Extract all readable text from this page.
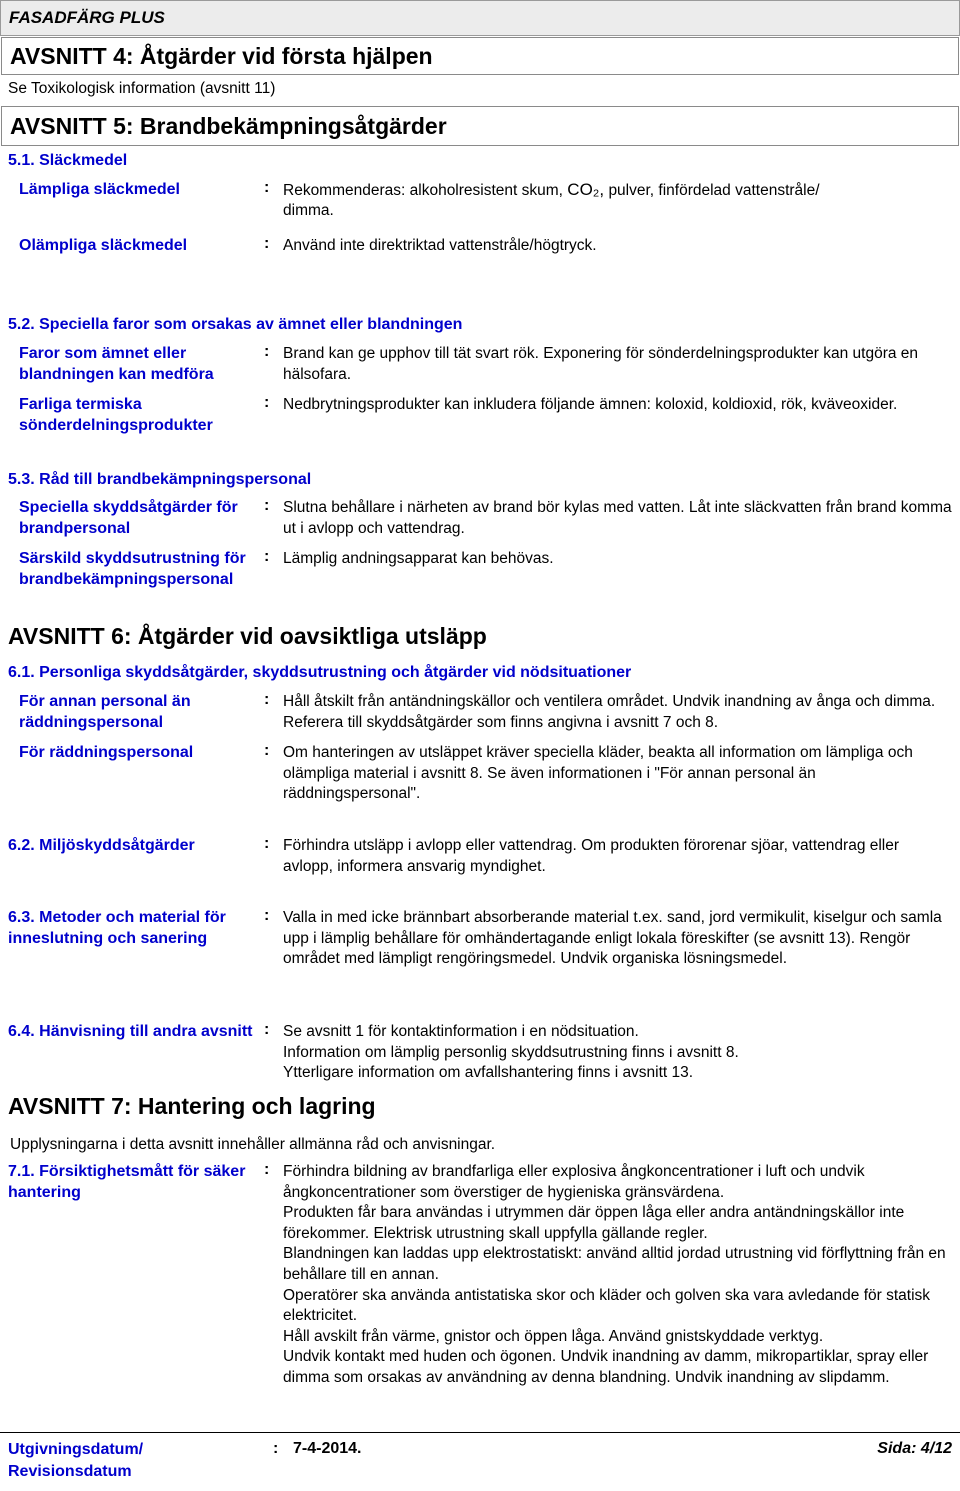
FASADFÄRG PLUS
AVSNITT 4: Åtgärder vid första hjälpen
Se Toxikologisk information (avsnitt 11)
AVSNITT 5: Brandbekämpningsåtgärder
5.1. Släckmedel
Lämpliga släckmedel	: Rekommenderas: alkoholresistent skum, CO₂, pulver, finfördelad vattenstråle/
dimma.
Olämpliga släckmedel	: Använd inte direktriktad vattenstråle/högtryck.
5.2. Speciella faror som orsakas av ämnet eller blandningen
Faror som ämnet eller blandningen kan medföra
: Brand kan ge upphov till tät svart rök. Exponering för sönderdelningsprodukter kan utgöra en hälsofara.
Farliga termiska sönderdelningsprodukter
: Nedbrytningsprodukter kan inkludera följande ämnen: koloxid, koldioxid, rök, kväveoxider.
5.3. Råd till brandbekämpningspersonal
Speciella skyddsåtgärder för brandpersonal
: Slutna behållare i närheten av brand bör kylas med vatten. Låt inte släckvatten från brand komma ut i avlopp och vattendrag.
Särskild skyddsutrustning för brandbekämpningspersonal
: Lämplig andningsapparat kan behövas.
AVSNITT 6: Åtgärder vid oavsiktliga utsläpp
6.1. Personliga skyddsåtgärder, skyddsutrustning och åtgärder vid nödsituationer
För annan personal än räddningspersonal
: Håll åtskilt från antändningskällor och ventilera området. Undvik inandning av ånga och dimma. Referera till skyddsåtgärder som finns angivna i avsnitt 7 och 8.
För räddningspersonal	: Om hanteringen av utsläppet kräver speciella kläder, beakta all information om lämpliga och olämpliga material i avsnitt 8. Se även informationen i "För annan personal än räddningspersonal".
6.2. Miljöskyddsåtgärder	: Förhindra utsläpp i avlopp eller vattendrag. Om produkten förorenar sjöar, vattendrag eller avlopp, informera ansvarig myndighet.
6.3. Metoder och material för inneslutning och sanering
: Valla in med icke brännbart absorberande material t.ex. sand, jord vermikulit, kiselgur och samla upp i lämplig behållare för omhändertagande enligt lokala föreskifter (se avsnitt 13). Rengör området med lämpligt rengöringsmedel. Undvik organiska lösningsmedel.
6.4. Hänvisning till andra avsnitt : Se avsnitt 1 för kontaktinformation i en nödsituation.
Information om lämplig personlig skyddsutrustning finns i avsnitt 8.
Ytterligare information om avfallshantering finns i avsnitt 13.
AVSNITT 7: Hantering och lagring
Upplysningarna i detta avsnitt innehåller allmänna råd och anvisningar.
7.1. Försiktighetsmått för säker hantering
: Förhindra bildning av brandfarliga eller explosiva ångkoncentrationer i luft och undvik ångkoncentrationer som överstiger de hygieniska gränsvärdena.
Produkten får bara användas i utrymmen där öppen låga eller andra antändningskällor inte förekommer. Elektrisk utrustning skall uppfylla gällande regler.
Blandningen kan laddas upp elektrostatiskt: använd alltid jordad utrustning vid förflyttning från en behållare till en annan.
Operatörer ska använda antistatiska skor och kläder och golven ska vara avledande för statisk elektricitet.
Håll avskilt från värme, gnistor och öppen låga. Använd gnistskyddade verktyg.
Undvik kontakt med huden och ögonen. Undvik inandning av damm, mikropartiklar, spray eller dimma som orsakas av användning av denna blandning. Undvik inandning av slipdamm.
Utgivningsdatum/
Revisionsdatum
: 7-4-2014.	Sida: 4/12
